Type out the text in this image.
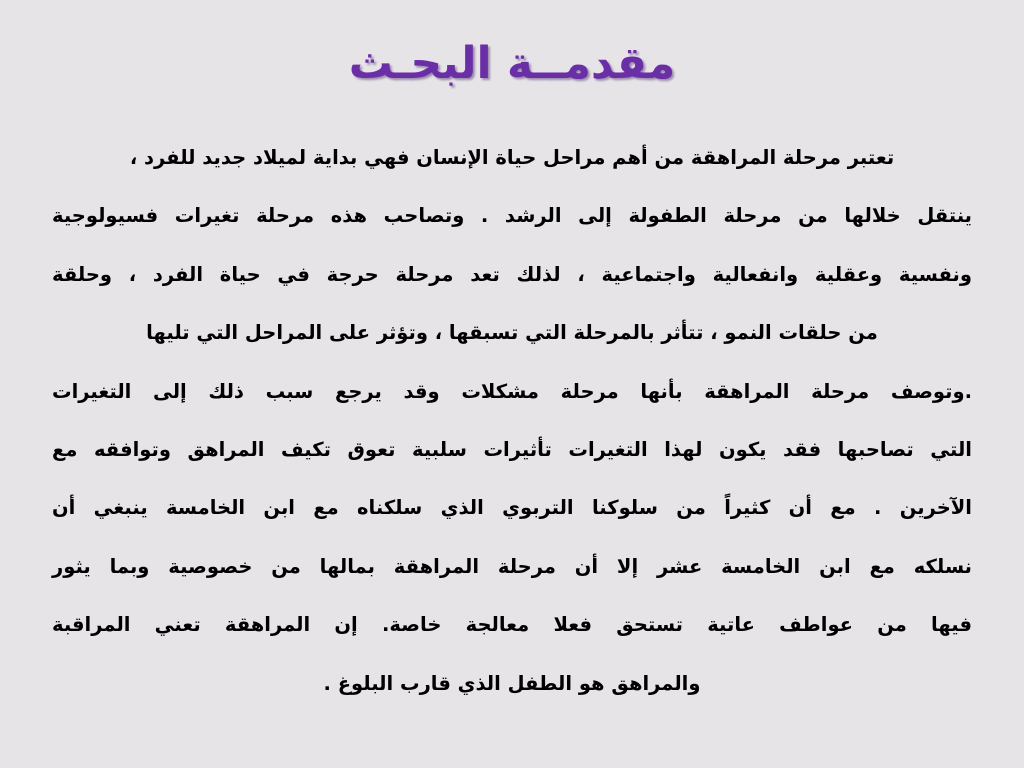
مقدمــة البحـث
تعتبر مرحلة المراهقة من أهم مراحل حياة الإنسان فهي بداية لميلاد جديد للفرد ،
ينتقل خلالها من مرحلة الطفولة إلى الرشد . وتصاحب هذه مرحلة تغيرات فسيولوجية
ونفسية وعقلية وانفعالية واجتماعية ، لذلك تعد مرحلة حرجة في حياة الفرد ، وحلقة
من حلقات النمو ، تتأثر بالمرحلة التي تسبقها ، وتؤثر على المراحل التي تليها
.وتوصف مرحلة المراهقة بأنها مرحلة مشكلات وقد يرجع سبب ذلك إلى التغيرات
التي تصاحبها فقد يكون لهذا التغيرات تأثيرات سلبية تعوق تكيف المراهق وتوافقه مع
الآخرين . مع أن كثيراً من سلوكنا التربوي الذي سلكناه مع ابن الخامسة ينبغي أن
نسلكه مع ابن الخامسة عشر إلا أن مرحلة المراهقة بمالها من خصوصية وبما يثور
فيها من عواطف عاتية تستحق فعلا معالجة خاصة. إن المراهقة تعني المراقبة
والمراهق هو الطفل الذي قارب البلوغ .
